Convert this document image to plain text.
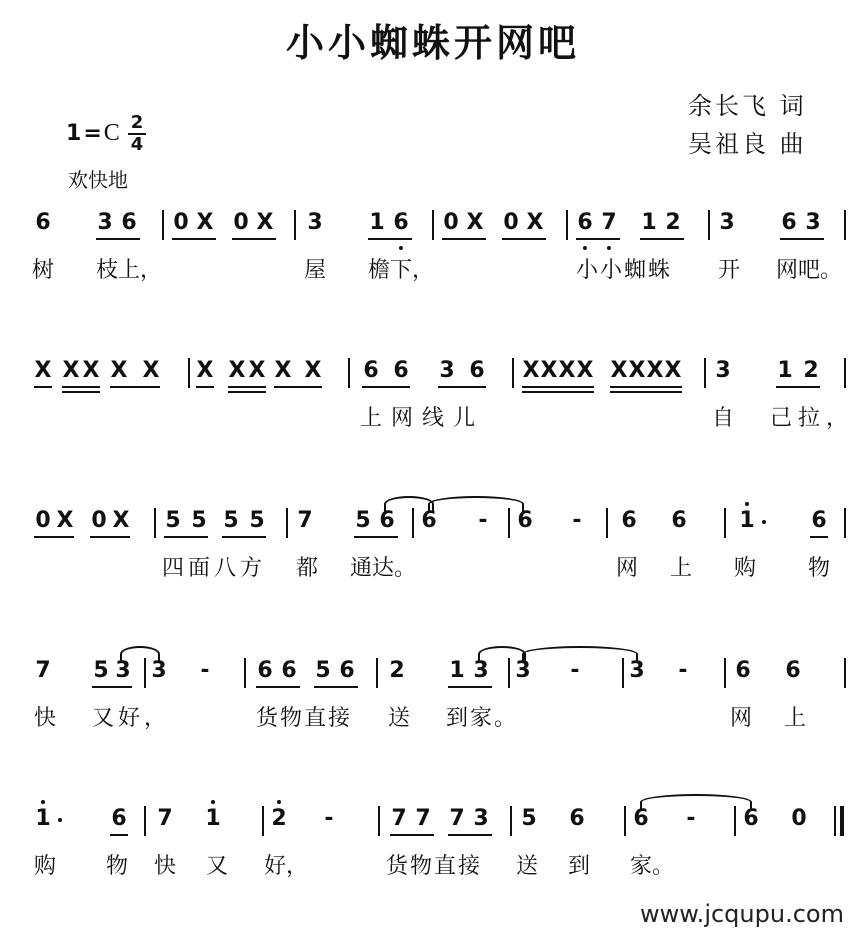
小小蜘蛛开网吧
余长飞 词
吴祖良 曲
1=C 2
4
欢快地
6 3 6 0 X 0 X 3 1 6 0 X 0 X 6 7 1 2 3 6 3
树 枝上，	屋 檐下，	小小蜘蛛 开 网吧。
X X X X X X X X X X 6 6 3 6 X X X X X X X X 3 1 2
上网线儿	自 己拉，
0 X 0 X 5 5 5 5 7 5 6 6 - 6 - 6 6 1	6
四面八方 都 通达。	网 上 购 物
7 5 3 3 - 6 6 5 6 2 1 3 3 - 3 - 6 6
快 又好，	货物直接 送 到家。	网 上
1	6 7 1 2 -	7 7 7 3 5 6 6 - 6 0
购 物 快 又 好，	货物直接 送 到 家。
www.jcqupu.com
